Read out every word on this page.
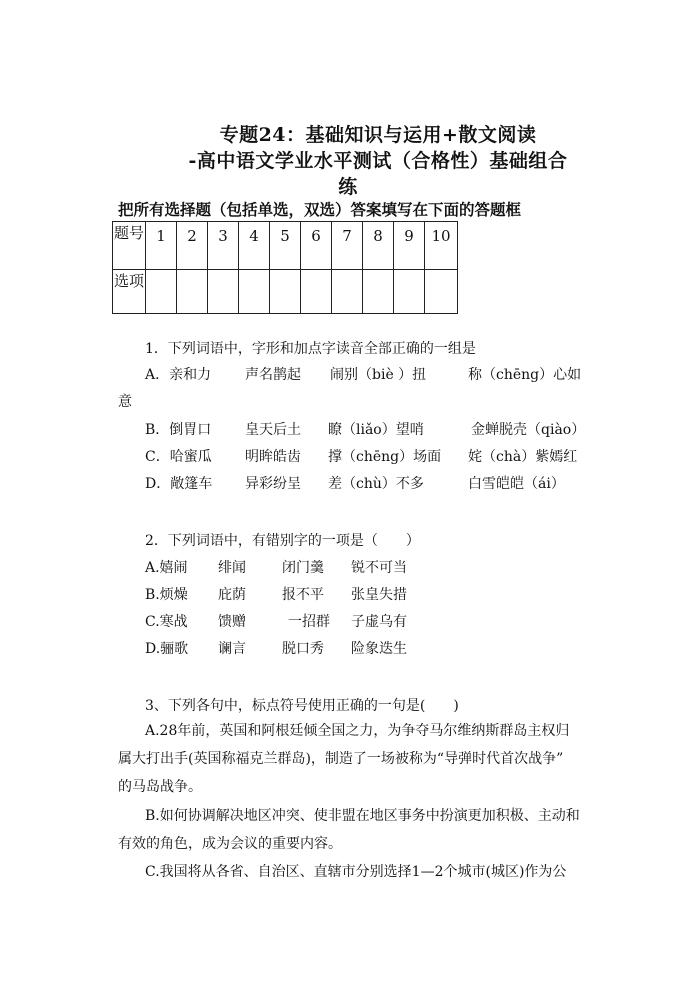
专题24：基础知识与运用+散文阅读
-高中语文学业水平测试（合格性）基础组合
练
把所有选择题（包括单选，双选）答案填写在下面的答题框
题号	1	2	3	4	5	6	7	8	9	10
选项										
1．下列词语中，字形和加点字读音全部正确的一组是
A．亲和力 声名鹊起 闹别（biè ）扭	称（chēng）心如
意
B．倒胃口 皇天后土 瞭（liǎo）望哨	金蝉脱壳（qiào）
C．哈蜜瓜 明眸皓齿 撑（chēng）场面 姹（chà）紫嫣红
D．敞篷车 异彩纷呈 差（chù）不多	白雪皑皑（ái）
2．下列词语中，有错别字的一项是（　　）
A.嬉闹 绯闻	闭门羹 锐不可当
B.烦燥 庇荫	报不平 张皇失措
C.寒战 馈赠	一招群 子虚乌有
D.骊歌 谰言	脱口秀 险象迭生
3、下列各句中，标点符号使用正确的一句是(　　)
A.28年前，英国和阿根廷倾全国之力，为争夺马尔维纳斯群岛主权归
属大打出手(英国称福克兰群岛)，制造了一场被称为“导弹时代首次战争”
的马岛战争。
B.如何协调解决地区冲突、使非盟在地区事务中扮演更加积极、主动和
有效的角色，成为会议的重要内容。
C.我国将从各省、自治区、直辖市分别选择1—2个城市(城区)作为公
